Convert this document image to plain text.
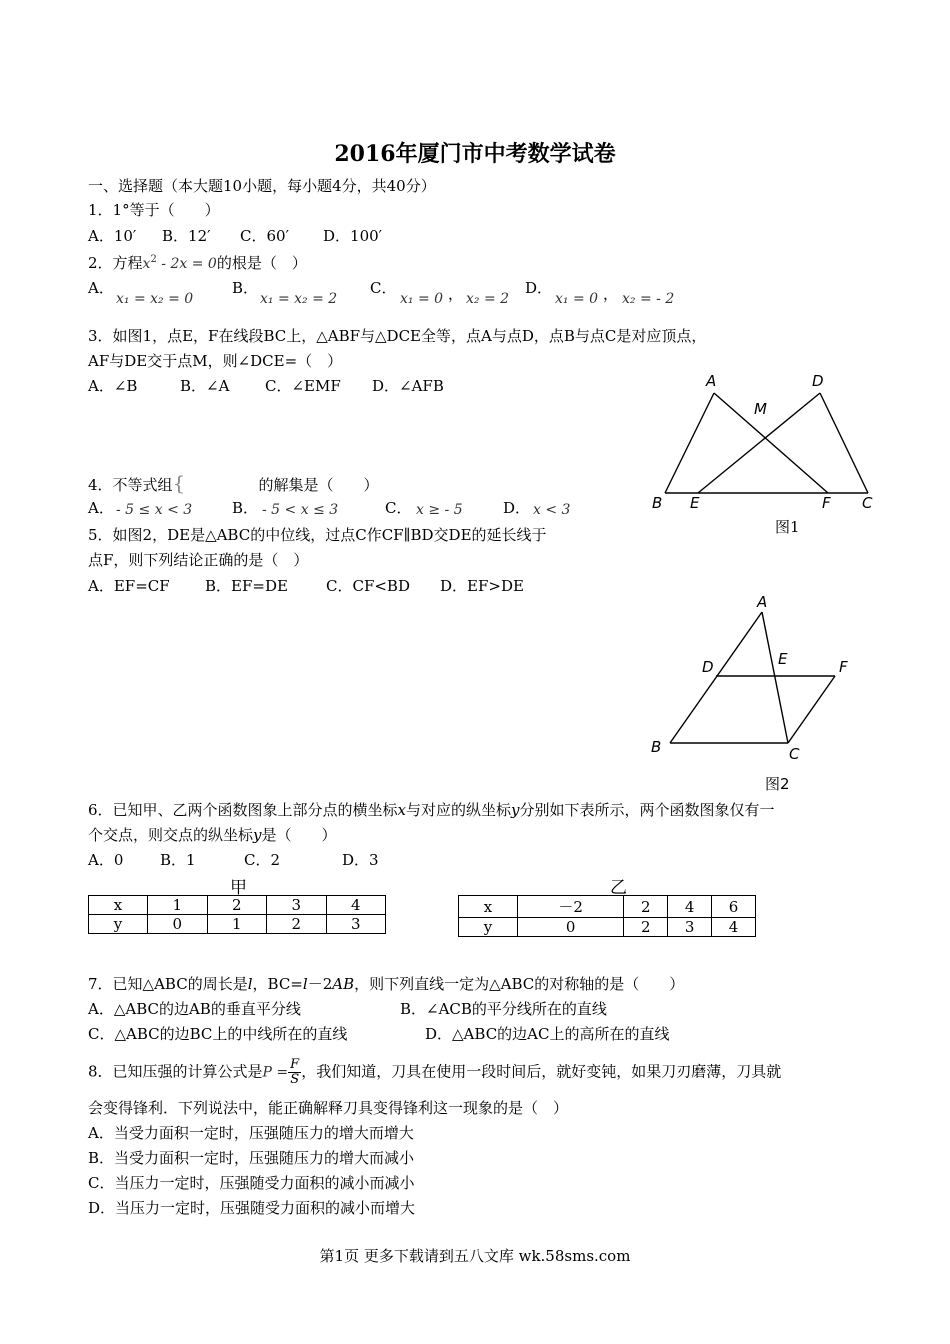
2016年厦门市中考数学试卷
一、选择题（本大题10小题，每小题4分，共40分）
1．1°等于（　　）
A．10′ B．12′ C．60′ D．100′
2．方程$x^2 - 2x = 0$的根是（　）
A．
x₁ = x₂ = 0
B．
x₁ = x₂ = 2
C．
x₁ = 0 ， x₂ = 2
D．
x₁ = 0 ， x₂ = - 2
3．如图1，点E，F在线段BC上，△ABF与△DCE全等，点A与点D，点B与点C是对应顶点，
AF与DE交于点M，则∠DCE=（　）
A．∠B	B．∠A C．∠EMF D．∠AFB	A	D
M
B E	F C
图1
4．不等式组{	的解集是（　　）
A． - 5 ≤ x < 3	B． - 5 < x ≤ 3	C． x ≥ - 5	D． x < 3
5．如图2，DE是△ABC的中位线，过点C作CF∥BD交DE的延长线于
点F，则下列结论正确的是（　）
A．EF=CF B．EF=DE	C．CF<BD D．EF>DE
A
D	E	F
B	C
图2
6．已知甲、乙两个函数图象上部分点的横坐标x与对应的纵坐标y分别如下表所示，两个函数图象仅有一
个交点，则交点的纵坐标y是（　　）
A．0 B．1	C．2	D．3
甲
x	1	2	3	4
y	0	1	2	3
乙
x	－2	2	4	6
y	0	2	3	4
7．已知△ABC的周长是l，BC=l－2AB，则下列直线一定为△ABC的对称轴的是（　　）
A．△ABC的边AB的垂直平分线	B．∠ACB的平分线所在的直线
C．△ABC的边BC上的中线所在的直线	D．△ABC的边AC上的高所在的直线
8．已知压强的计算公式是$P = \frac{F}{S}$ ，我们知道，刀具在使用一段时间后，就好变钝，如果刀刃磨薄，刀具就
会变得锋利．下列说法中，能正确解释刀具变得锋利这一现象的是（　）
A．当受力面积一定时，压强随压力的增大而增大
B．当受力面积一定时，压强随压力的增大而减小
C．当压力一定时，压强随受力面积的减小而减小
D．当压力一定时，压强随受力面积的减小而增大
第1页 更多下载请到五八文库 wk.58sms.com
